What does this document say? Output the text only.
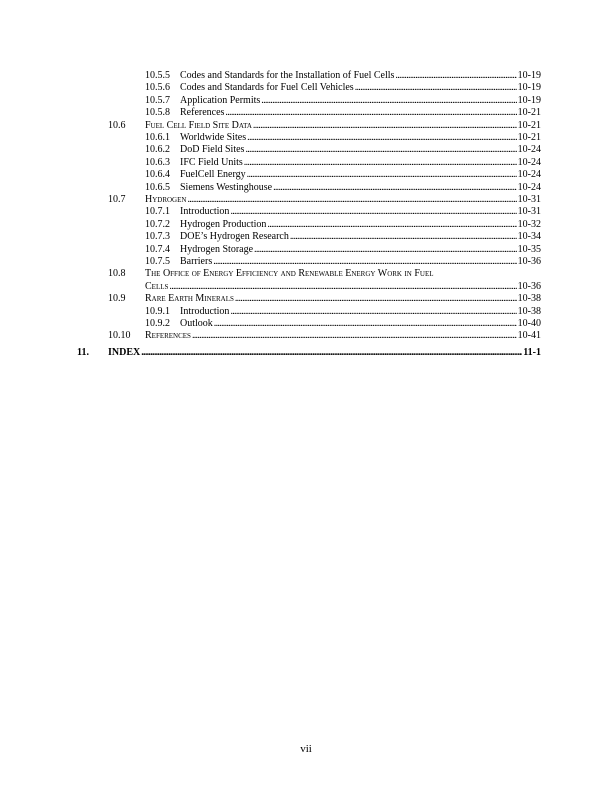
10.5.5 Codes and Standards for the Installation of Fuel Cells . . .	10-19
10.5.6 Codes and Standards for Fuel Cell Vehicles . . .	10-19
10.5.7 Application Permits . . .	10-19
10.5.8 References . . .	10-21
10.6 Fuel Cell Field Site Data . . .	10-21
10.6.1 Worldwide Sites . . .	10-21
10.6.2 DoD Field Sites . . .	10-24
10.6.3 IFC Field Units . . .	10-24
10.6.4 FuelCell Energy . . .	10-24
10.6.5 Siemens Westinghouse . . .	10-24
10.7 Hydrogen . . .	10-31
10.7.1 Introduction . . .	10-31
10.7.2 Hydrogen Production . . .	10-32
10.7.3 DOE’s Hydrogen Research . . .	10-34
10.7.4 Hydrogen Storage . . .	10-35
10.7.5 Barriers . . .	10-36
10.8 The Office of Energy Efficiency and Renewable Energy Work in Fuel
Cells . . .	10-36
10.9 Rare Earth Minerals . . .	10-38
10.9.1 Introduction . . .	10-38
10.9.2 Outlook . . .	10-40
10.10 References . . .	10-41
11. INDEX . . .	11-1
vii
